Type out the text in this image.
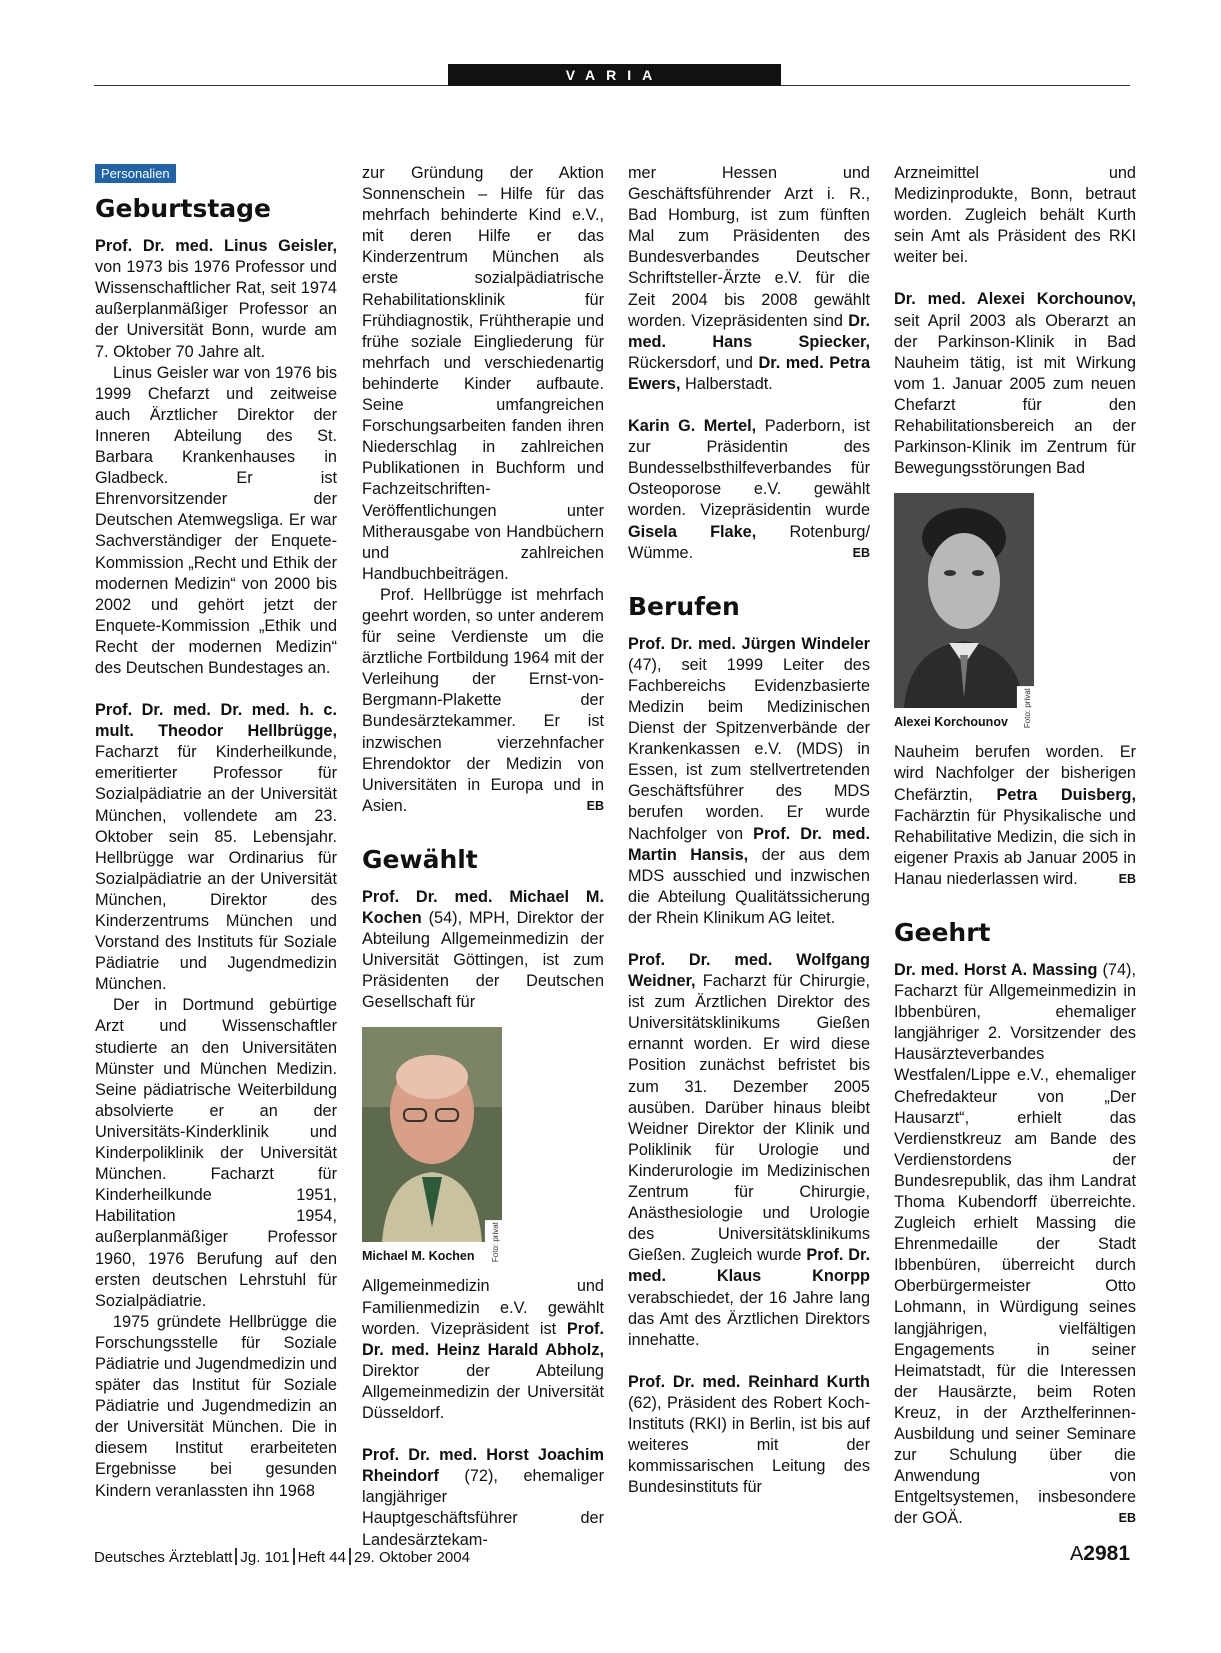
VARIA
Personalien
Geburtstage

Prof. Dr. med. Linus Geisler, von 1973 bis 1976 Professor und Wissenschaftlicher Rat, seit 1974 außerplanmäßiger Professor an der Universität Bonn, wurde am 7. Oktober 70 Jahre alt.

Linus Geisler war von 1976 bis 1999 Chefarzt und zeitweise auch Ärztlicher Direktor der Inneren Abteilung des St. Barbara Krankenhauses in Gladbeck. Er ist Ehrenvorsitzender der Deutschen Atemwegsliga. Er war Sachverständiger der Enquete-Kommission „Recht und Ethik der modernen Medizin“ von 2000 bis 2002 und gehört jetzt der Enquete-Kommission „Ethik und Recht der modernen Medizin“ des Deutschen Bundestages an.

Prof. Dr. med. Dr. med. h. c. mult. Theodor Hellbrügge, Facharzt für Kinderheilkunde, emeritierter Professor für Sozialpädiatrie an der Universität München, vollendete am 23. Oktober sein 85. Lebensjahr. Hellbrügge war Ordinarius für Sozialpädiatrie an der Universität München, Direktor des Kinderzentrums München und Vorstand des Instituts für Soziale Pädiatrie und Jugendmedizin München.

Der in Dortmund gebürtige Arzt und Wissenschaftler studierte an den Universitäten Münster und München Medizin. Seine pädiatrische Weiterbildung absolvierte er an der Universitäts-Kinderklinik und Kinderpoliklinik der Universität München. Facharzt für Kinderheilkunde 1951, Habilitation 1954, außerplanmäßiger Professor 1960, 1976 Berufung auf den ersten deutschen Lehrstuhl für Sozialpädiatrie.

1975 gründete Hellbrügge die Forschungsstelle für Soziale Pädiatrie und Jugendmedizin und später das Institut für Soziale Pädiatrie und Jugendmedizin an der Universität München. Die in diesem Institut erarbeiteten Ergebnisse bei gesunden Kindern veranlassten ihn 1968

zur Gründung der Aktion Sonnenschein – Hilfe für das mehrfach behinderte Kind e.V., mit deren Hilfe er das Kinderzentrum München als erste sozialpädiatrische Rehabilitationsklinik für Frühdiagnostik, Frühtherapie und frühe soziale Eingliederung für mehrfach und verschiedenartig behinderte Kinder aufbaute. Seine umfangreichen Forschungsarbeiten fanden ihren Niederschlag in zahlreichen Publikationen in Buchform und Fachzeitschriften-Veröffentlichungen unter Mitherausgabe von Handbüchern und zahlreichen Handbuchbeiträgen.

Prof. Hellbrügge ist mehrfach geehrt worden, so unter anderem für seine Verdienste um die ärztliche Fortbildung 1964 mit der Verleihung der Ernst-von-Bergmann-Plakette der Bundesärztekammer. Er ist inzwischen vierzehnfacher Ehrendoktor der Medizin von Universitäten in Europa und in Asien.	EB

Gewählt

Prof. Dr. med. Michael M. Kochen (54), MPH, Direktor der Abteilung Allgemeinmedizin der Universität Göttingen, ist zum Präsidenten der Deutschen Gesellschaft für

Foto: privat
Michael M. Kochen

Allgemeinmedizin und Familienmedizin e.V. gewählt worden. Vizepräsident ist Prof. Dr. med. Heinz Harald Abholz, Direktor der Abteilung Allgemeinmedizin der Universität Düsseldorf.

Prof. Dr. med. Horst Joachim Rheindorf (72), ehemaliger langjähriger Hauptgeschäftsführer der Landesärztekam-

mer Hessen und Geschäftsführender Arzt i. R., Bad Homburg, ist zum fünften Mal zum Präsidenten des Bundesverbandes Deutscher Schriftsteller-Ärzte e.V. für die Zeit 2004 bis 2008 gewählt worden. Vizepräsidenten sind Dr. med. Hans Spiecker, Rückersdorf, und Dr. med. Petra Ewers, Halberstadt.

Karin G. Mertel, Paderborn, ist zur Präsidentin des Bundesselbsthilfeverbandes für Osteoporose e.V. gewählt worden. Vizepräsidentin wurde Gisela Flake, Rotenburg/ Wümme.	EB

Berufen

Prof. Dr. med. Jürgen Windeler (47), seit 1999 Leiter des Fachbereichs Evidenzbasierte Medizin beim Medizinischen Dienst der Spitzenverbände der Krankenkassen e.V. (MDS) in Essen, ist zum stellvertretenden Geschäftsführer des MDS berufen worden. Er wurde Nachfolger von Prof. Dr. med. Martin Hansis, der aus dem MDS ausschied und inzwischen die Abteilung Qualitätssicherung der Rhein Klinikum AG leitet.

Prof. Dr. med. Wolfgang Weidner, Facharzt für Chirurgie, ist zum Ärztlichen Direktor des Universitätsklinikums Gießen ernannt worden. Er wird diese Position zunächst befristet bis zum 31. Dezember 2005 ausüben. Darüber hinaus bleibt Weidner Direktor der Klinik und Poliklinik für Urologie und Kinderurologie im Medizinischen Zentrum für Chirurgie, Anästhesiologie und Urologie des Universitätsklinikums Gießen. Zugleich wurde Prof. Dr. med. Klaus Knorpp verabschiedet, der 16 Jahre lang das Amt des Ärztlichen Direktors innehatte.

Prof. Dr. med. Reinhard Kurth (62), Präsident des Robert Koch-Instituts (RKI) in Berlin, ist bis auf weiteres mit der kommissarischen Leitung des Bundesinstituts für

Arzneimittel und Medizinprodukte, Bonn, betraut worden. Zugleich behält Kurth sein Amt als Präsident des RKI weiter bei.

Dr. med. Alexei Korchounov, seit April 2003 als Oberarzt an der Parkinson-Klinik in Bad Nauheim tätig, ist mit Wirkung vom 1. Januar 2005 zum neuen Chefarzt für den Rehabilitationsbereich an der Parkinson-Klinik im Zentrum für Bewegungsstörungen Bad

Foto: privat
Alexei Korchounov

Nauheim berufen worden. Er wird Nachfolger der bisherigen Chefärztin, Petra Duisberg, Fachärztin für Physikalische und Rehabilitative Medizin, die sich in eigener Praxis ab Januar 2005 in Hanau niederlassen wird.	EB

Geehrt

Dr. med. Horst A. Massing (74), Facharzt für Allgemeinmedizin in Ibbenbüren, ehemaliger langjähriger 2. Vorsitzender des Hausärzteverbandes Westfalen/Lippe e.V., ehemaliger Chefredakteur von „Der Hausarzt“, erhielt das Verdienstkreuz am Bande des Verdienstordens der Bundesrepublik, das ihm Landrat Thoma Kubendorff überreichte. Zugleich erhielt Massing die Ehrenmedaille der Stadt Ibbenbüren, überreicht durch Oberbürgermeister Otto Lohmann, in Würdigung seines langjährigen, vielfältigen Engagements in seiner Heimatstadt, für die Interessen der Hausärzte, beim Roten Kreuz, in der Arzthelferinnen-Ausbildung und seiner Seminare zur Schulung über die Anwendung von Entgeltsystemen, insbesondere der GOÄ.	EB

Deutsches Ärzteblatt Jg. 101 Heft 44 29. Oktober 2004	A2981
